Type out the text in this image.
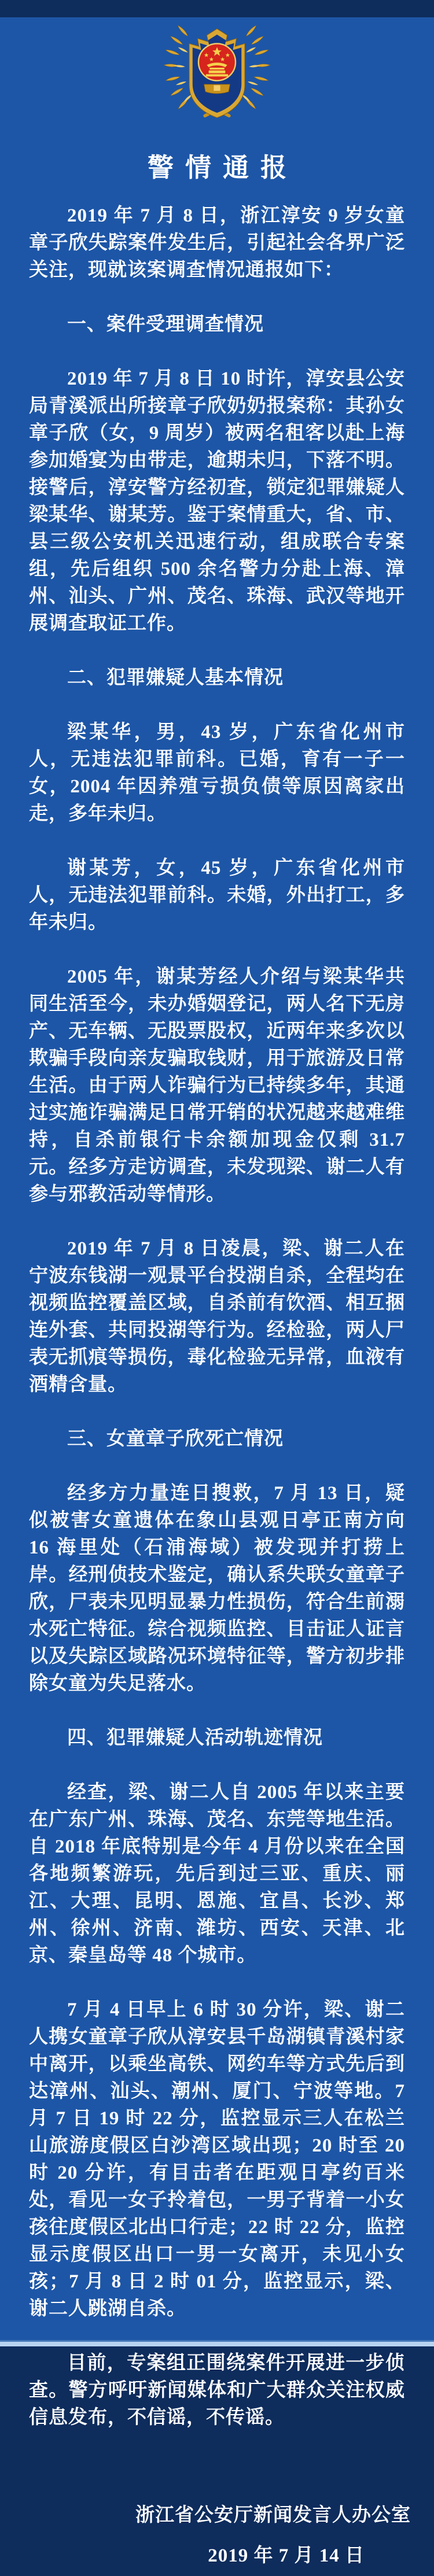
警情通报
2019 年 7 月 8 日，浙江淳安 9 岁女童章子欣失踪案件发生后，引起社会各界广泛关注，现就该案调查情况通报如下：
一、案件受理调查情况
2019 年 7 月 8 日 10 时许，淳安县公安局青溪派出所接章子欣奶奶报案称：其孙女章子欣（女，9 周岁）被两名租客以赴上海参加婚宴为由带走，逾期未归，下落不明。接警后，淳安警方经初查，锁定犯罪嫌疑人梁某华、谢某芳。鉴于案情重大，省、市、县三级公安机关迅速行动，组成联合专案组，先后组织 500 余名警力分赴上海、漳州、汕头、广州、茂名、珠海、武汉等地开展调查取证工作。
二、犯罪嫌疑人基本情况
梁某华，男，43 岁，广东省化州市人，无违法犯罪前科。已婚，育有一子一女，2004 年因养殖亏损负债等原因离家出走，多年未归。
谢某芳，女，45 岁，广东省化州市人，无违法犯罪前科。未婚，外出打工，多年未归。
2005 年，谢某芳经人介绍与梁某华共同生活至今，未办婚姻登记，两人名下无房产、无车辆、无股票股权，近两年来多次以欺骗手段向亲友骗取钱财，用于旅游及日常生活。由于两人诈骗行为已持续多年，其通过实施诈骗满足日常开销的状况越来越难维持，自杀前银行卡余额加现金仅剩 31.7 元。经多方走访调查，未发现梁、谢二人有参与邪教活动等情形。
2019 年 7 月 8 日凌晨，梁、谢二人在宁波东钱湖一观景平台投湖自杀，全程均在视频监控覆盖区域，自杀前有饮酒、相互捆连外套、共同投湖等行为。经检验，两人尸表无抓痕等损伤，毒化检验无异常，血液有酒精含量。
三、女童章子欣死亡情况
经多方力量连日搜救，7 月 13 日，疑似被害女童遗体在象山县观日亭正南方向 16 海里处（石浦海域）被发现并打捞上岸。经刑侦技术鉴定，确认系失联女童章子欣，尸表未见明显暴力性损伤，符合生前溺水死亡特征。综合视频监控、目击证人证言以及失踪区域路况环境特征等，警方初步排除女童为失足落水。
四、犯罪嫌疑人活动轨迹情况
经查，梁、谢二人自 2005 年以来主要在广东广州、珠海、茂名、东莞等地生活。自 2018 年底特别是今年 4 月份以来在全国各地频繁游玩，先后到过三亚、重庆、丽江、大理、昆明、恩施、宜昌、长沙、郑州、徐州、济南、潍坊、西安、天津、北京、秦皇岛等 48 个城市。
7 月 4 日早上 6 时 30 分许，梁、谢二人携女童章子欣从淳安县千岛湖镇青溪村家中离开，以乘坐高铁、网约车等方式先后到达漳州、汕头、潮州、厦门、宁波等地。7 月 7 日 19 时 22 分，监控显示三人在松兰山旅游度假区白沙湾区域出现；20 时至 20 时 20 分许，有目击者在距观日亭约百米处，看见一女子拎着包，一男子背着一小女孩往度假区北出口行走；22 时 22 分，监控显示度假区出口一男一女离开，未见小女孩；7 月 8 日 2 时 01 分，监控显示，梁、谢二人跳湖自杀。
目前，专案组正围绕案件开展进一步侦查。警方呼吁新闻媒体和广大群众关注权威信息发布，不信谣，不传谣。
浙江省公安厅新闻发言人办公室
2019 年 7 月 14 日
